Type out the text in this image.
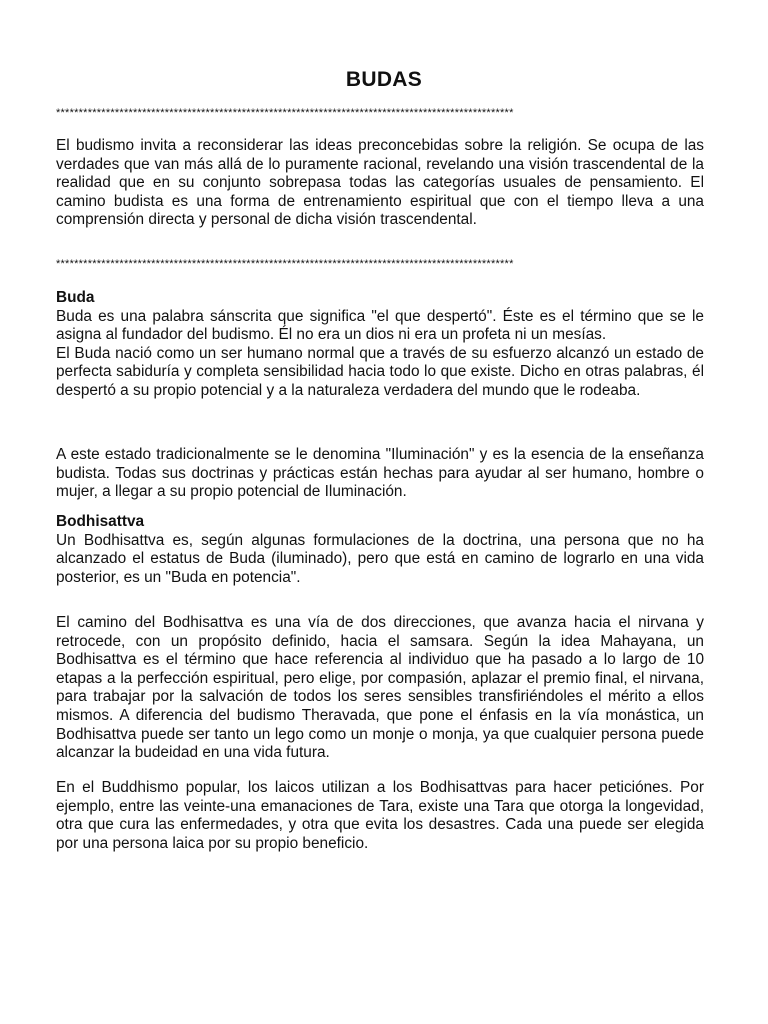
BUDAS
*****************************************************************************************************

El budismo invita a reconsiderar las ideas preconcebidas sobre la religión. Se ocupa de las verdades que van más allá de lo puramente racional, revelando una visión trascendental de la realidad que en su conjunto sobrepasa todas las categorías usuales de pensamiento. El camino budista es una forma de entrenamiento espiritual que con el tiempo lleva a una comprensión directa y personal de dicha visión trascendental.

*****************************************************************************************************

Buda

Buda es una palabra sánscrita que significa "el que despertó". Éste es el término que se le asigna al fundador del budismo. Él no era un dios ni era un profeta ni un mesías.

El Buda nació como un ser humano normal que a través de su esfuerzo alcanzó un estado de perfecta sabiduría y completa sensibilidad hacia todo lo que existe. Dicho en otras palabras, él despertó a su propio potencial y a la naturaleza verdadera del mundo que le rodeaba.

A este estado tradicionalmente se le denomina "Iluminación" y es la esencia de la enseñanza budista. Todas sus doctrinas y prácticas están hechas para ayudar al ser humano, hombre o mujer, a llegar a su propio potencial de Iluminación.

Bodhisattva

Un Bodhisattva es, según algunas formulaciones de la doctrina, una persona que no ha alcanzado el estatus de Buda (iluminado), pero que está en camino de lograrlo en una vida posterior, es un "Buda en potencia".

El camino del Bodhisattva es una vía de dos direcciones, que avanza hacia el nirvana y retrocede, con un propósito definido, hacia el samsara. Según la idea Mahayana, un Bodhisattva es el término que hace referencia al individuo que ha pasado a lo largo de 10 etapas a la perfección espiritual, pero elige, por compasión, aplazar el premio final, el nirvana, para trabajar por la salvación de todos los seres sensibles transfiriéndoles el mérito a ellos mismos. A diferencia del budismo Theravada, que pone el énfasis en la vía monástica, un Bodhisattva puede ser tanto un lego como un monje o monja, ya que cualquier persona puede alcanzar la budeidad en una vida futura.

En el Buddhismo popular, los laicos utilizan a los Bodhisattvas para hacer peticiónes. Por ejemplo, entre las veinte-una emanaciones de Tara, existe una Tara que otorga la longevidad, otra que cura las enfermedades, y otra que evita los desastres. Cada una puede ser elegida por una persona laica por su propio beneficio.
